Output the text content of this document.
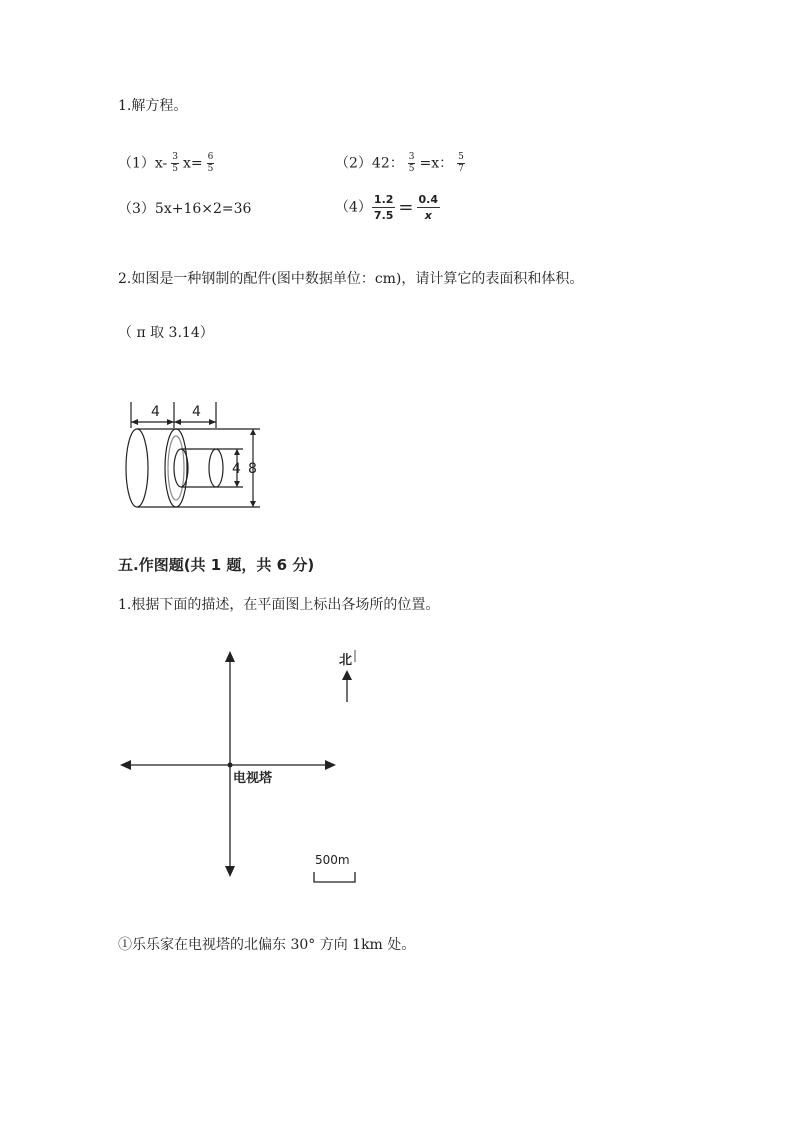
1.解方程。
$(1)x- \frac{3}{5} x= \frac{6}{5}$	（2）42： $\frac{3}{5} =x$： $\frac{5}{7}$
（3）5x+16×2=36	$(4) \frac{1.2}{7.5} = \frac{0.4}{x}$
2.如图是一种钢制的配件(图中数据单位：cm)，请计算它的表面积和体积。
（ π 取 3.14）
4 4
4 8
五.作图题(共 1 题，共 6 分)
1.根据下面的描述，在平面图上标出各场所的位置。
北
电视塔
500m
①乐乐家在电视塔的北偏东 30° 方向 1km 处。
